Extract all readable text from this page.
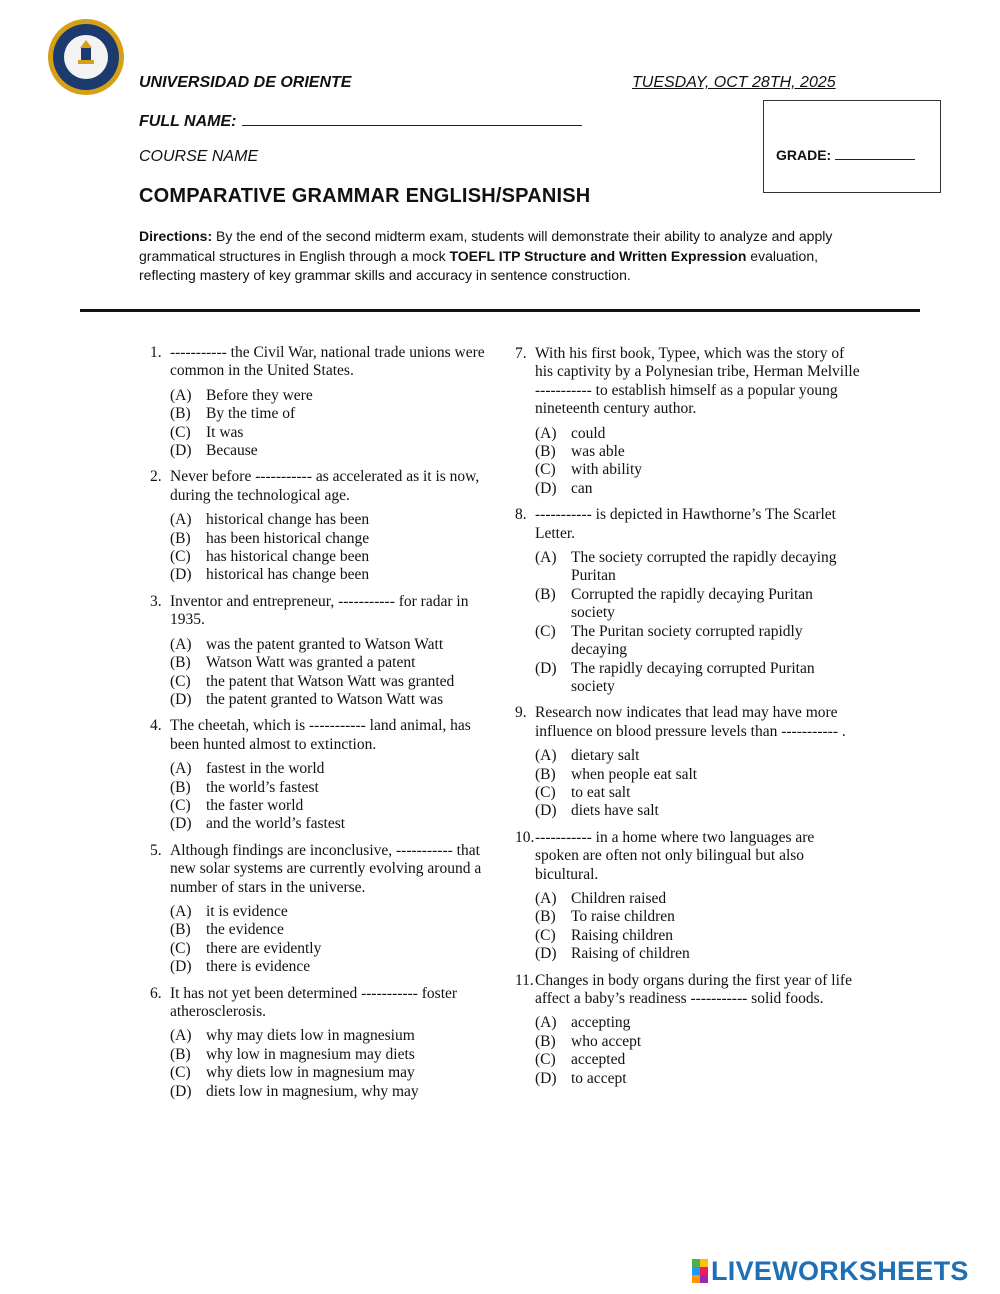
UNIVERSIDAD DE ORIENTE	TUESDAY, OCT 28TH, 2025
FULL NAME:
COURSE NAME	GRADE:
COMPARATIVE GRAMMAR ENGLISH/SPANISH
Directions: By the end of the second midterm exam, students will demonstrate their ability to analyze and apply grammatical structures in English through a mock TOEFL ITP Structure and Written Expression evaluation, reflecting mastery of key grammar skills and accuracy in sentence construction.
1. ----------- the Civil War, national trade unions were common in the United States.
(A) Before they were
(B) By the time of
(C) It was
(D) Because
2. Never before ----------- as accelerated as it is now, during the technological age.
(A) historical change has been
(B) has been historical change
(C) has historical change been
(D) historical has change been
3. Inventor and entrepreneur, ----------- for radar in 1935.
(A) was the patent granted to Watson Watt
(B) Watson Watt was granted a patent
(C) the patent that Watson Watt was granted
(D) the patent granted to Watson Watt was
4. The cheetah, which is ----------- land animal, has been hunted almost to extinction.
(A) fastest in the world
(B) the world’s fastest
(C) the faster world
(D) and the world’s fastest
5. Although findings are inconclusive, ----------- that new solar systems are currently evolving around a number of stars in the universe.
(A) it is evidence
(B) the evidence
(C) there are evidently
(D) there is evidence
6. It has not yet been determined ----------- foster atherosclerosis.
(A) why may diets low in magnesium
(B) why low in magnesium may diets
(C) why diets low in magnesium may
(D) diets low in magnesium, why may
7. With his first book, Typee, which was the story of his captivity by a Polynesian tribe, Herman Melville ----------- to establish himself as a popular young nineteenth century author.
(A) could
(B) was able
(C) with ability
(D) can
8. ----------- is depicted in Hawthorne’s The Scarlet Letter.
(A) The society corrupted the rapidly decaying Puritan
(B) Corrupted the rapidly decaying Puritan society
(C) The Puritan society corrupted rapidly decaying
(D) The rapidly decaying corrupted Puritan society
9. Research now indicates that lead may have more influence on blood pressure levels than ----------- .
(A) dietary salt
(B) when people eat salt
(C) to eat salt
(D) diets have salt
10. ----------- in a home where two languages are spoken are often not only bilingual but also bicultural.
(A) Children raised
(B) To raise children
(C) Raising children
(D) Raising of children
11. Changes in body organs during the first year of life affect a baby’s readiness ----------- solid foods.
(A) accepting
(B) who accept
(C) accepted
(D) to accept
LIVEWORKSHEETS
